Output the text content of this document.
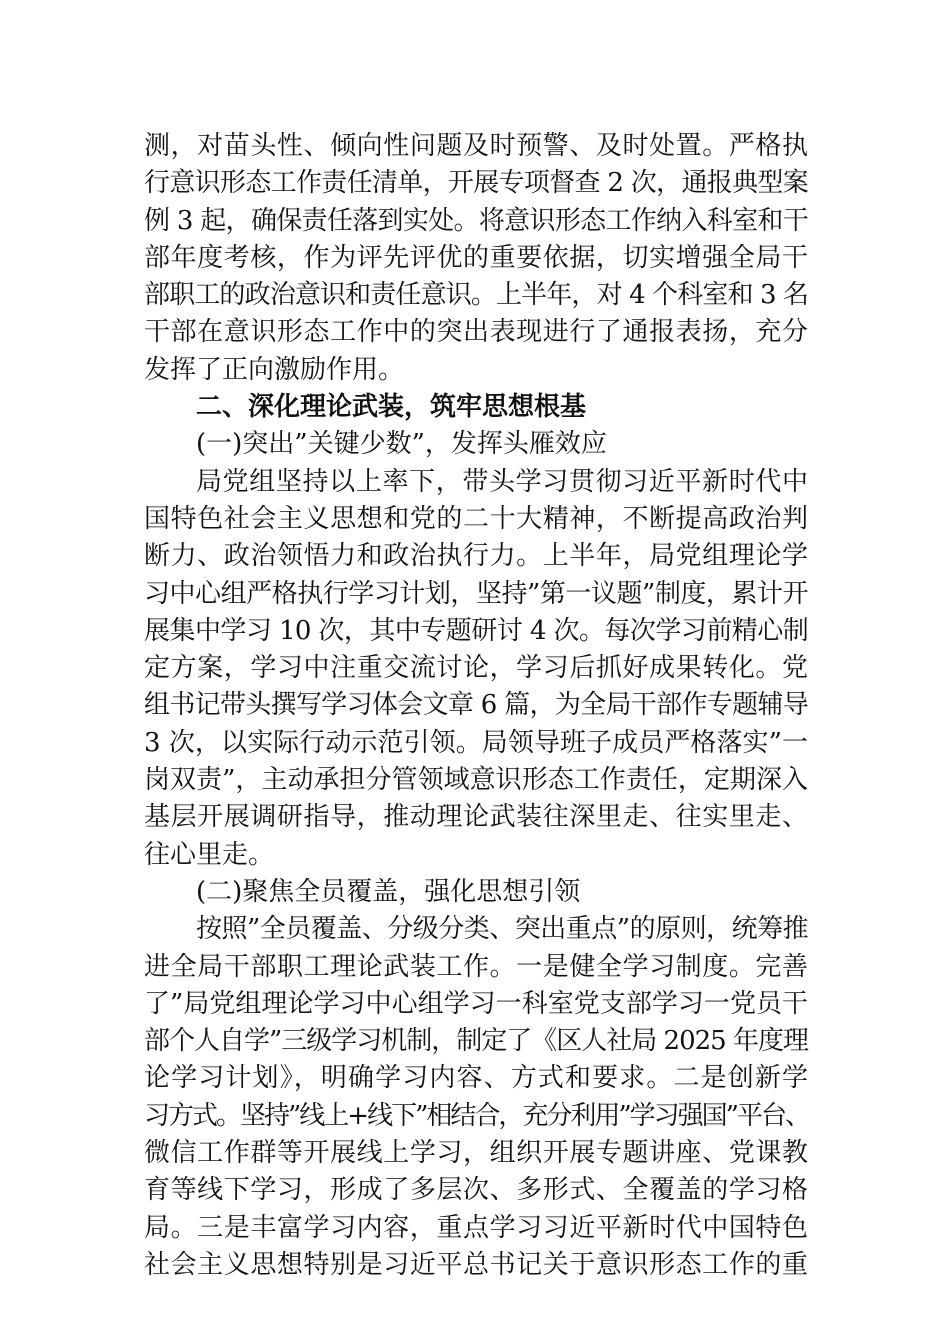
测，对苗头性、倾向性问题及时预警、及时处置。严格执
行意识形态工作责任清单，开展专项督查 2 次，通报典型案
例 3 起，确保责任落到实处。将意识形态工作纳入科室和干
部年度考核，作为评先评优的重要依据，切实增强全局干
部职工的政治意识和责任意识。上半年，对 4 个科室和 3 名
干部在意识形态工作中的突出表现进行了通报表扬，充分
发挥了正向激励作用。
二、深化理论武装，筑牢思想根基
(一)突出”关键少数”，发挥头雁效应
局党组坚持以上率下，带头学习贯彻习近平新时代中
国特色社会主义思想和党的二十大精神，不断提高政治判
断力、政治领悟力和政治执行力。上半年，局党组理论学
习中心组严格执行学习计划，坚持”第一议题”制度，累计开
展集中学习 10 次，其中专题研讨 4 次。每次学习前精心制
定方案，学习中注重交流讨论，学习后抓好成果转化。党
组书记带头撰写学习体会文章 6 篇，为全局干部作专题辅导
3 次，以实际行动示范引领。局领导班子成员严格落实”一
岗双责”，主动承担分管领域意识形态工作责任，定期深入
基层开展调研指导，推动理论武装往深里走、往实里走、
往心里走。
(二)聚焦全员覆盖，强化思想引领
按照”全员覆盖、分级分类、突出重点”的原则，统筹推
进全局干部职工理论武装工作。一是健全学习制度。完善
了”局党组理论学习中心组学习一科室党支部学习一党员干
部个人自学”三级学习机制，制定了《区人社局 2025 年度理
论学习计划》，明确学习内容、方式和要求。二是创新学
习方式。坚持”线上+线下”相结合，充分利用”学习强国”平台、
微信工作群等开展线上学习，组织开展专题讲座、党课教
育等线下学习，形成了多层次、多形式、全覆盖的学习格
局。三是丰富学习内容，重点学习习近平新时代中国特色
社会主义思想特别是习近平总书记关于意识形态工作的重
